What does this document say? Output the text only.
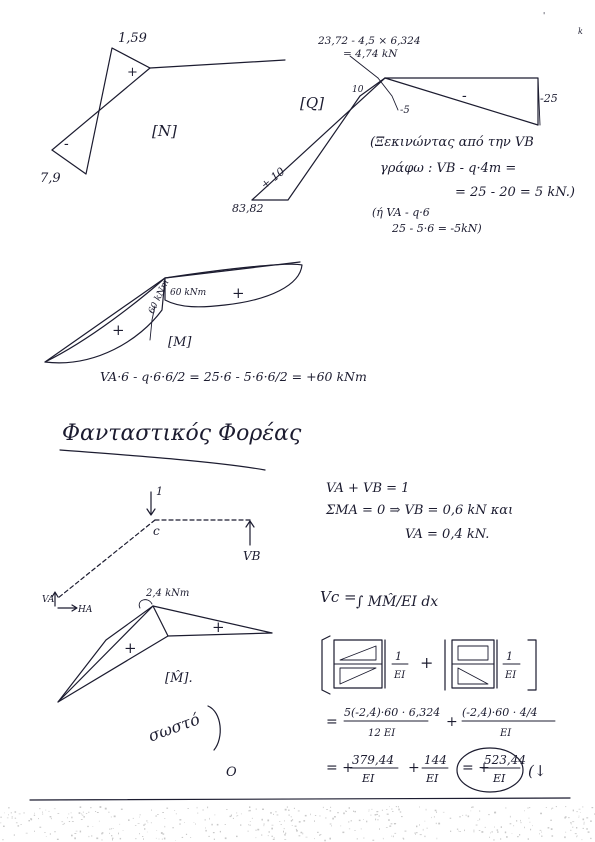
1,59
+
-
7,9
[N]
23,72 - 4,5 × 6,324
= 4,74 kN
10
-5
-	-25
[Q]
+ 10
83,82
(Ξεκινώντας από την VB
γράφω : VB - q·4m =
= 25 - 20 = 5 kN.)
(ή VA - q·6
25 - 5·6 = -5kN)
60 kNm
60 kNm +
+
[M]
VA·6 - q·6·6/2 = 25·6 - 5·6·6/2 = +60 kNm
Φανταστικός Φορέας
1
c
VB
VA
HA
VA + VB = 1
ΣMA = 0 ⇒ VB = 0,6 kN και
VA = 0,4 kN.
2,4 kNm
+
+
[M̂].
Vc = ∫ MM̂/EI dx
1
EI
+	1
EI
=
5(-2,4)·60 · 6,324
12 EI
+
(-2,4)·60 · 4/4
EI
= +
379,44
EI
+ 144
EI
= +
523,44
EI (↓
σωστό
O
k
'
